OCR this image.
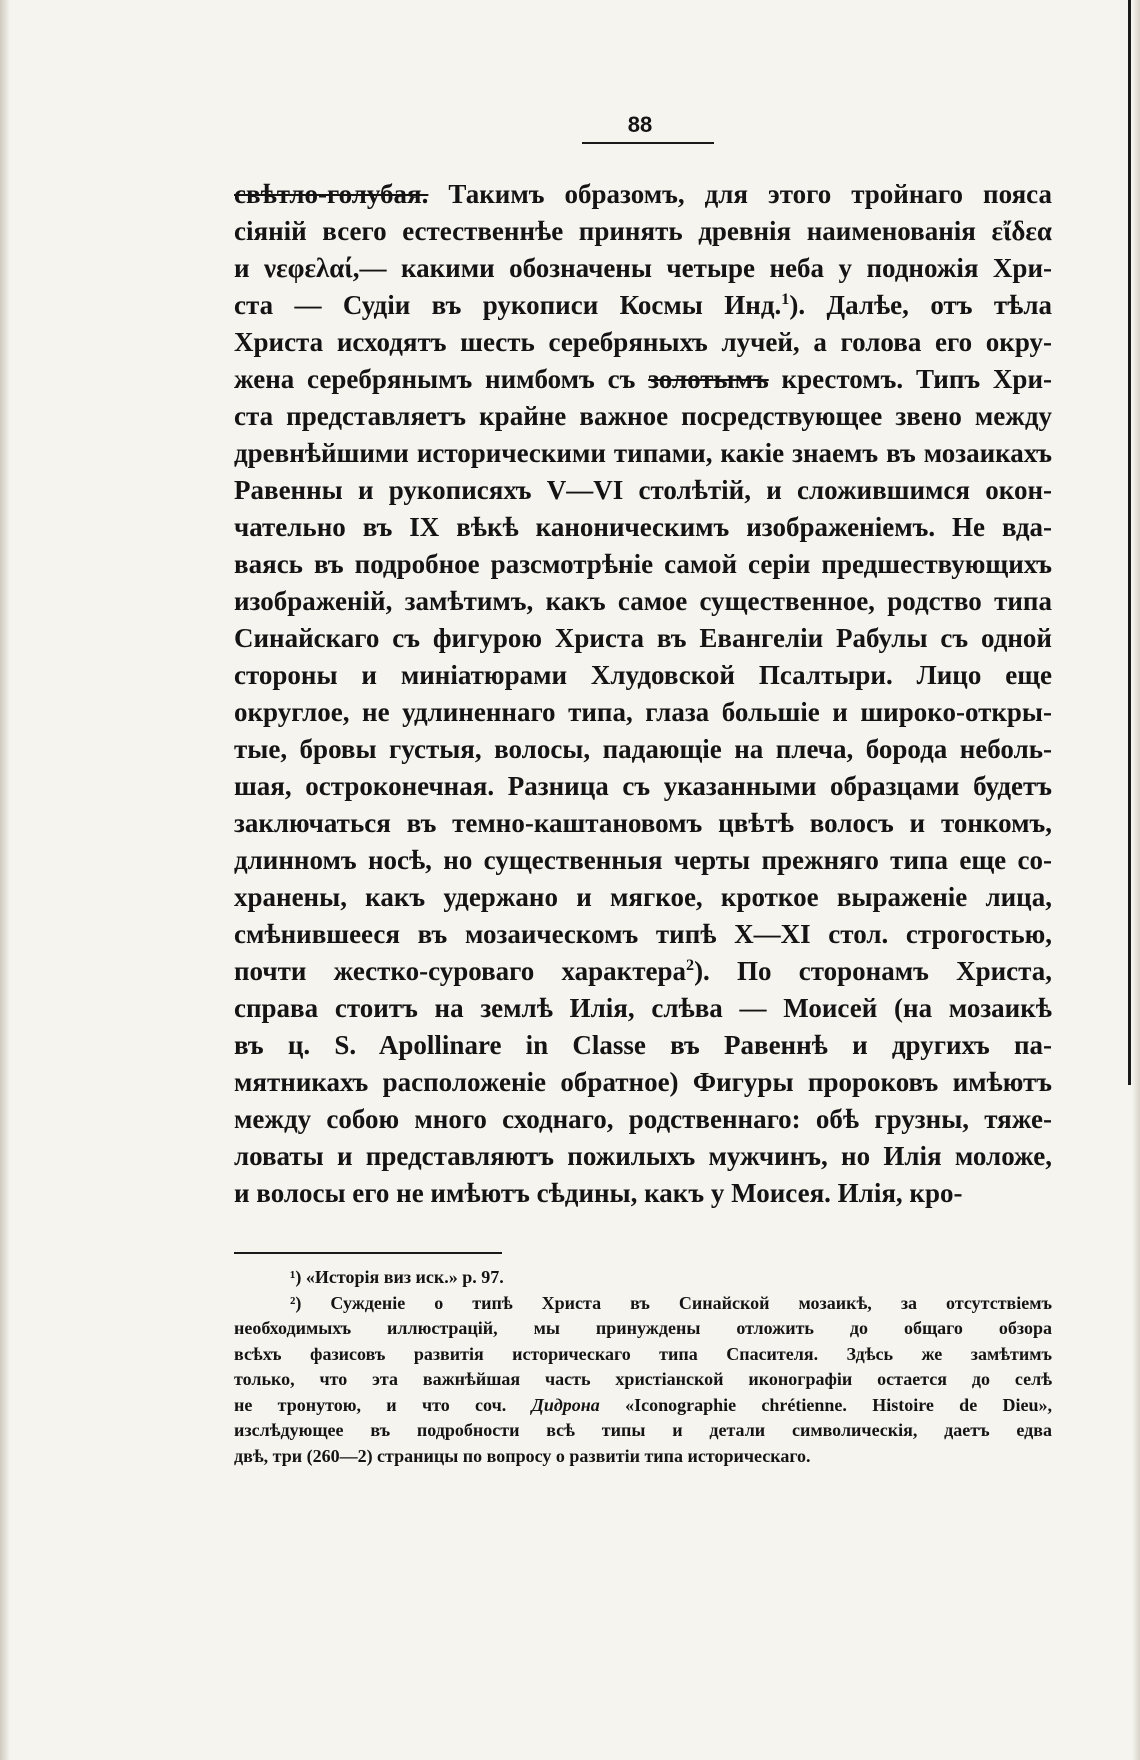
88
свѣтло-голубая. Такимъ образомъ, для этого тройнаго пояса
сіяній всего естественнѣе принять древнія наименованія εἴδεα
и νεφελαί,— какими обозначены четыре неба у подножія Хри-
ста — Судіи въ рукописи Космы Инд.$^1$). Далѣе, отъ тѣла
Христа исходятъ шесть серебряныхъ лучей, а голова его окру-
жена серебрянымъ нимбомъ съ золотымъ крестомъ. Типъ Хри-
ста представляетъ крайне важное посредствующее звено между
древнѣйшими историческими типами, какіе знаемъ въ мозаикахъ
Равенны и рукописяхъ V—VI столѣтій, и сложившимся окон-
чательно въ IX вѣкѣ каноническимъ изображеніемъ. Не вда-
ваясь въ подробное разсмотрѣніе самой серіи предшествующихъ
изображеній, замѣтимъ, какъ самое существенное, родство типа
Синайскаго съ фигурою Христа въ Евангеліи Рабулы съ одной
стороны и миніатюрами Хлудовской Псалтыри. Лицо еще
округлое, не удлиненнаго типа, глаза большіе и широко-откры-
тые, бровы густыя, волосы, падающіе на плеча, борода неболь-
шая, остроконечная. Разница съ указанными образцами будетъ
заключаться въ темно-каштановомъ цвѣтѣ волосъ и тонкомъ,
длинномъ носѣ, но существенныя черты прежняго типа еще со-
хранены, какъ удержано и мягкое, кроткое выраженіе лица,
смѣнившееся въ мозаическомъ типѣ X—XI стол. строгостью,
почти жестко-суроваго характера$^2$). По сторонамъ Христа,
справа стоитъ на землѣ Илія, слѣва — Моисей (на мозаикѣ
въ ц. S. Apollinare in Classe въ Равеннѣ и другихъ па-
мятникахъ расположеніе обратное) Фигуры пророковъ имѣютъ
между собою много сходнаго, родственнаго: обѣ грузны, тяже-
ловаты и представляютъ пожилыхъ мужчинъ, но Илія моложе,
и волосы его не имѣютъ сѣдины, какъ у Моисея. Илія, кро-
¹) «Исторія виз иск.» p. 97.
²) Сужденіе о типѣ Христа въ Синайской мозаикѣ, за отсутствіемъ
необходимыхъ иллюстрацій, мы принуждены отложить до общаго обзора
всѣхъ фазисовъ развитія историческаго типа Спасителя. Здѣсь же замѣтимъ
только, что эта важнѣйшая часть христіанской иконографіи остается до селѣ
не тронутою, и что соч. Дидрона «Iconographie chrétienne. Histoire de Dieu»,
изслѣдующее въ подробности всѣ типы и детали символическія, даетъ едва
двѣ, три (260—2) страницы по вопросу о развитіи типа историческаго.
